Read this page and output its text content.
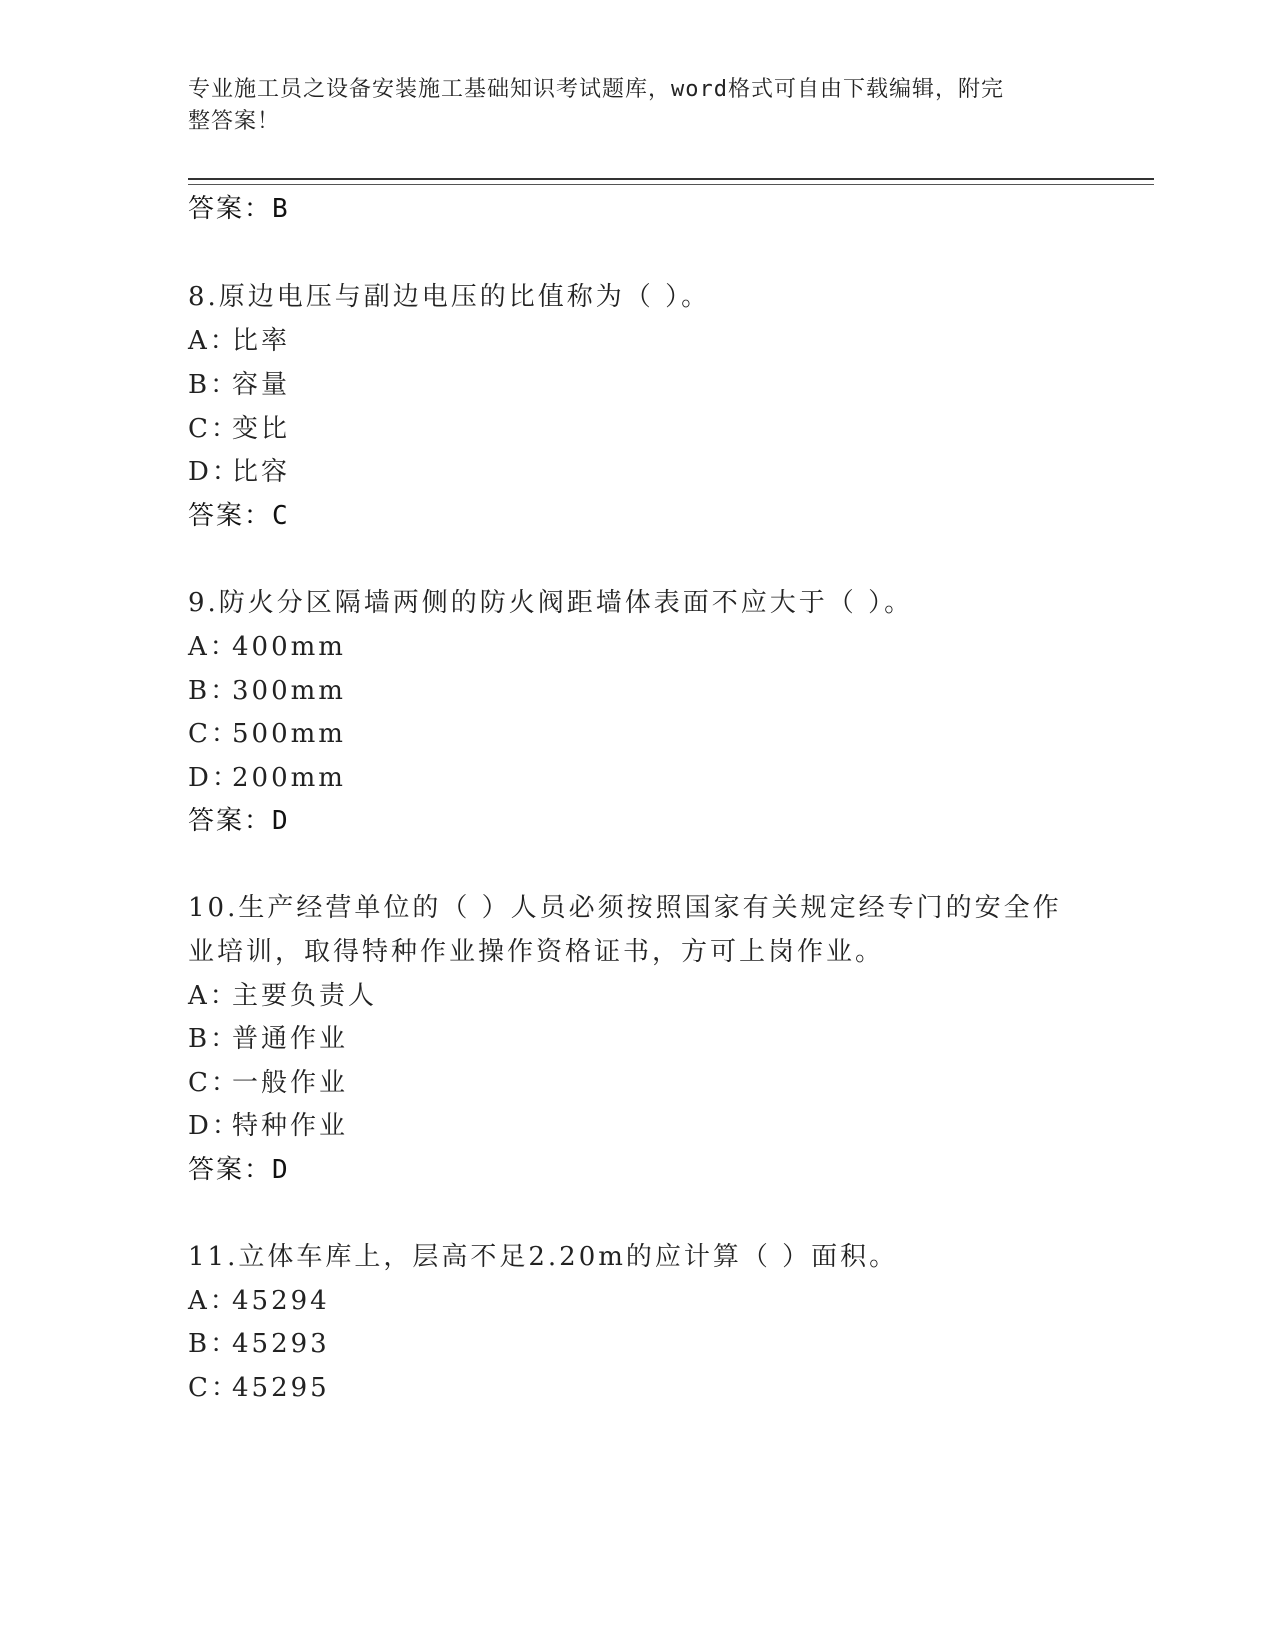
专业施工员之设备安装施工基础知识考试题库，word格式可自由下载编辑，附完
整答案！
答案：B
8.原边电压与副边电压的比值称为（ ）。
A：比率
B：容量
C：变比
D：比容
答案：C
9.防火分区隔墙两侧的防火阀距墙体表面不应大于（ ）。
A：400mm
B：300mm
C：500mm
D：200mm
答案：D
10.生产经营单位的（ ）人员必须按照国家有关规定经专门的安全作
业培训，取得特种作业操作资格证书，方可上岗作业。
A：主要负责人
B：普通作业
C：一般作业
D：特种作业
答案：D
11.立体车库上，层高不足2.20m的应计算（ ）面积。
A：45294
B：45293
C：45295
